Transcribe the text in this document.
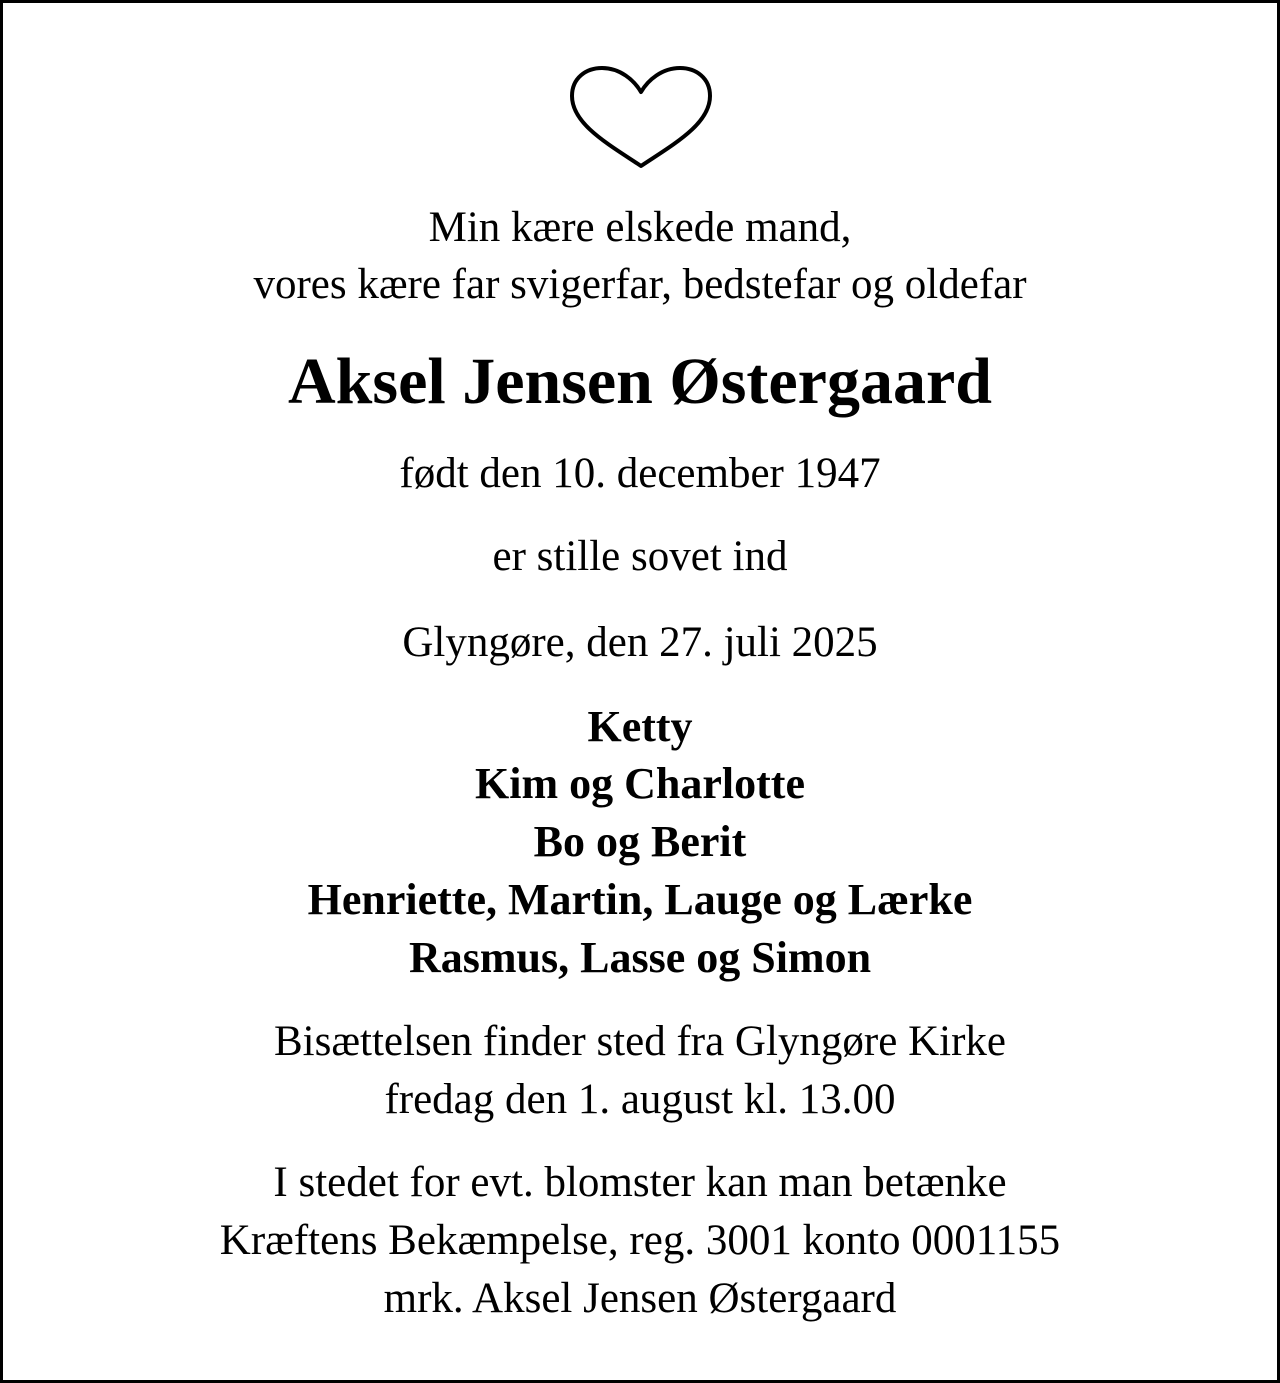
Min kære elskede mand,

vores kære far svigerfar, bedstefar og oldefar

Aksel Jensen Østergaard

født den 10. december 1947

er stille sovet ind

Glyngøre, den 27. juli 2025

Ketty

Kim og Charlotte

Bo og Berit

Henriette, Martin, Lauge og Lærke

Rasmus, Lasse og Simon

Bisættelsen finder sted fra Glyngøre Kirke

fredag den 1. august kl. 13.00

I stedet for evt. blomster kan man betænke

Kræftens Bekæmpelse, reg. 3001 konto 0001155

mrk. Aksel Jensen Østergaard
